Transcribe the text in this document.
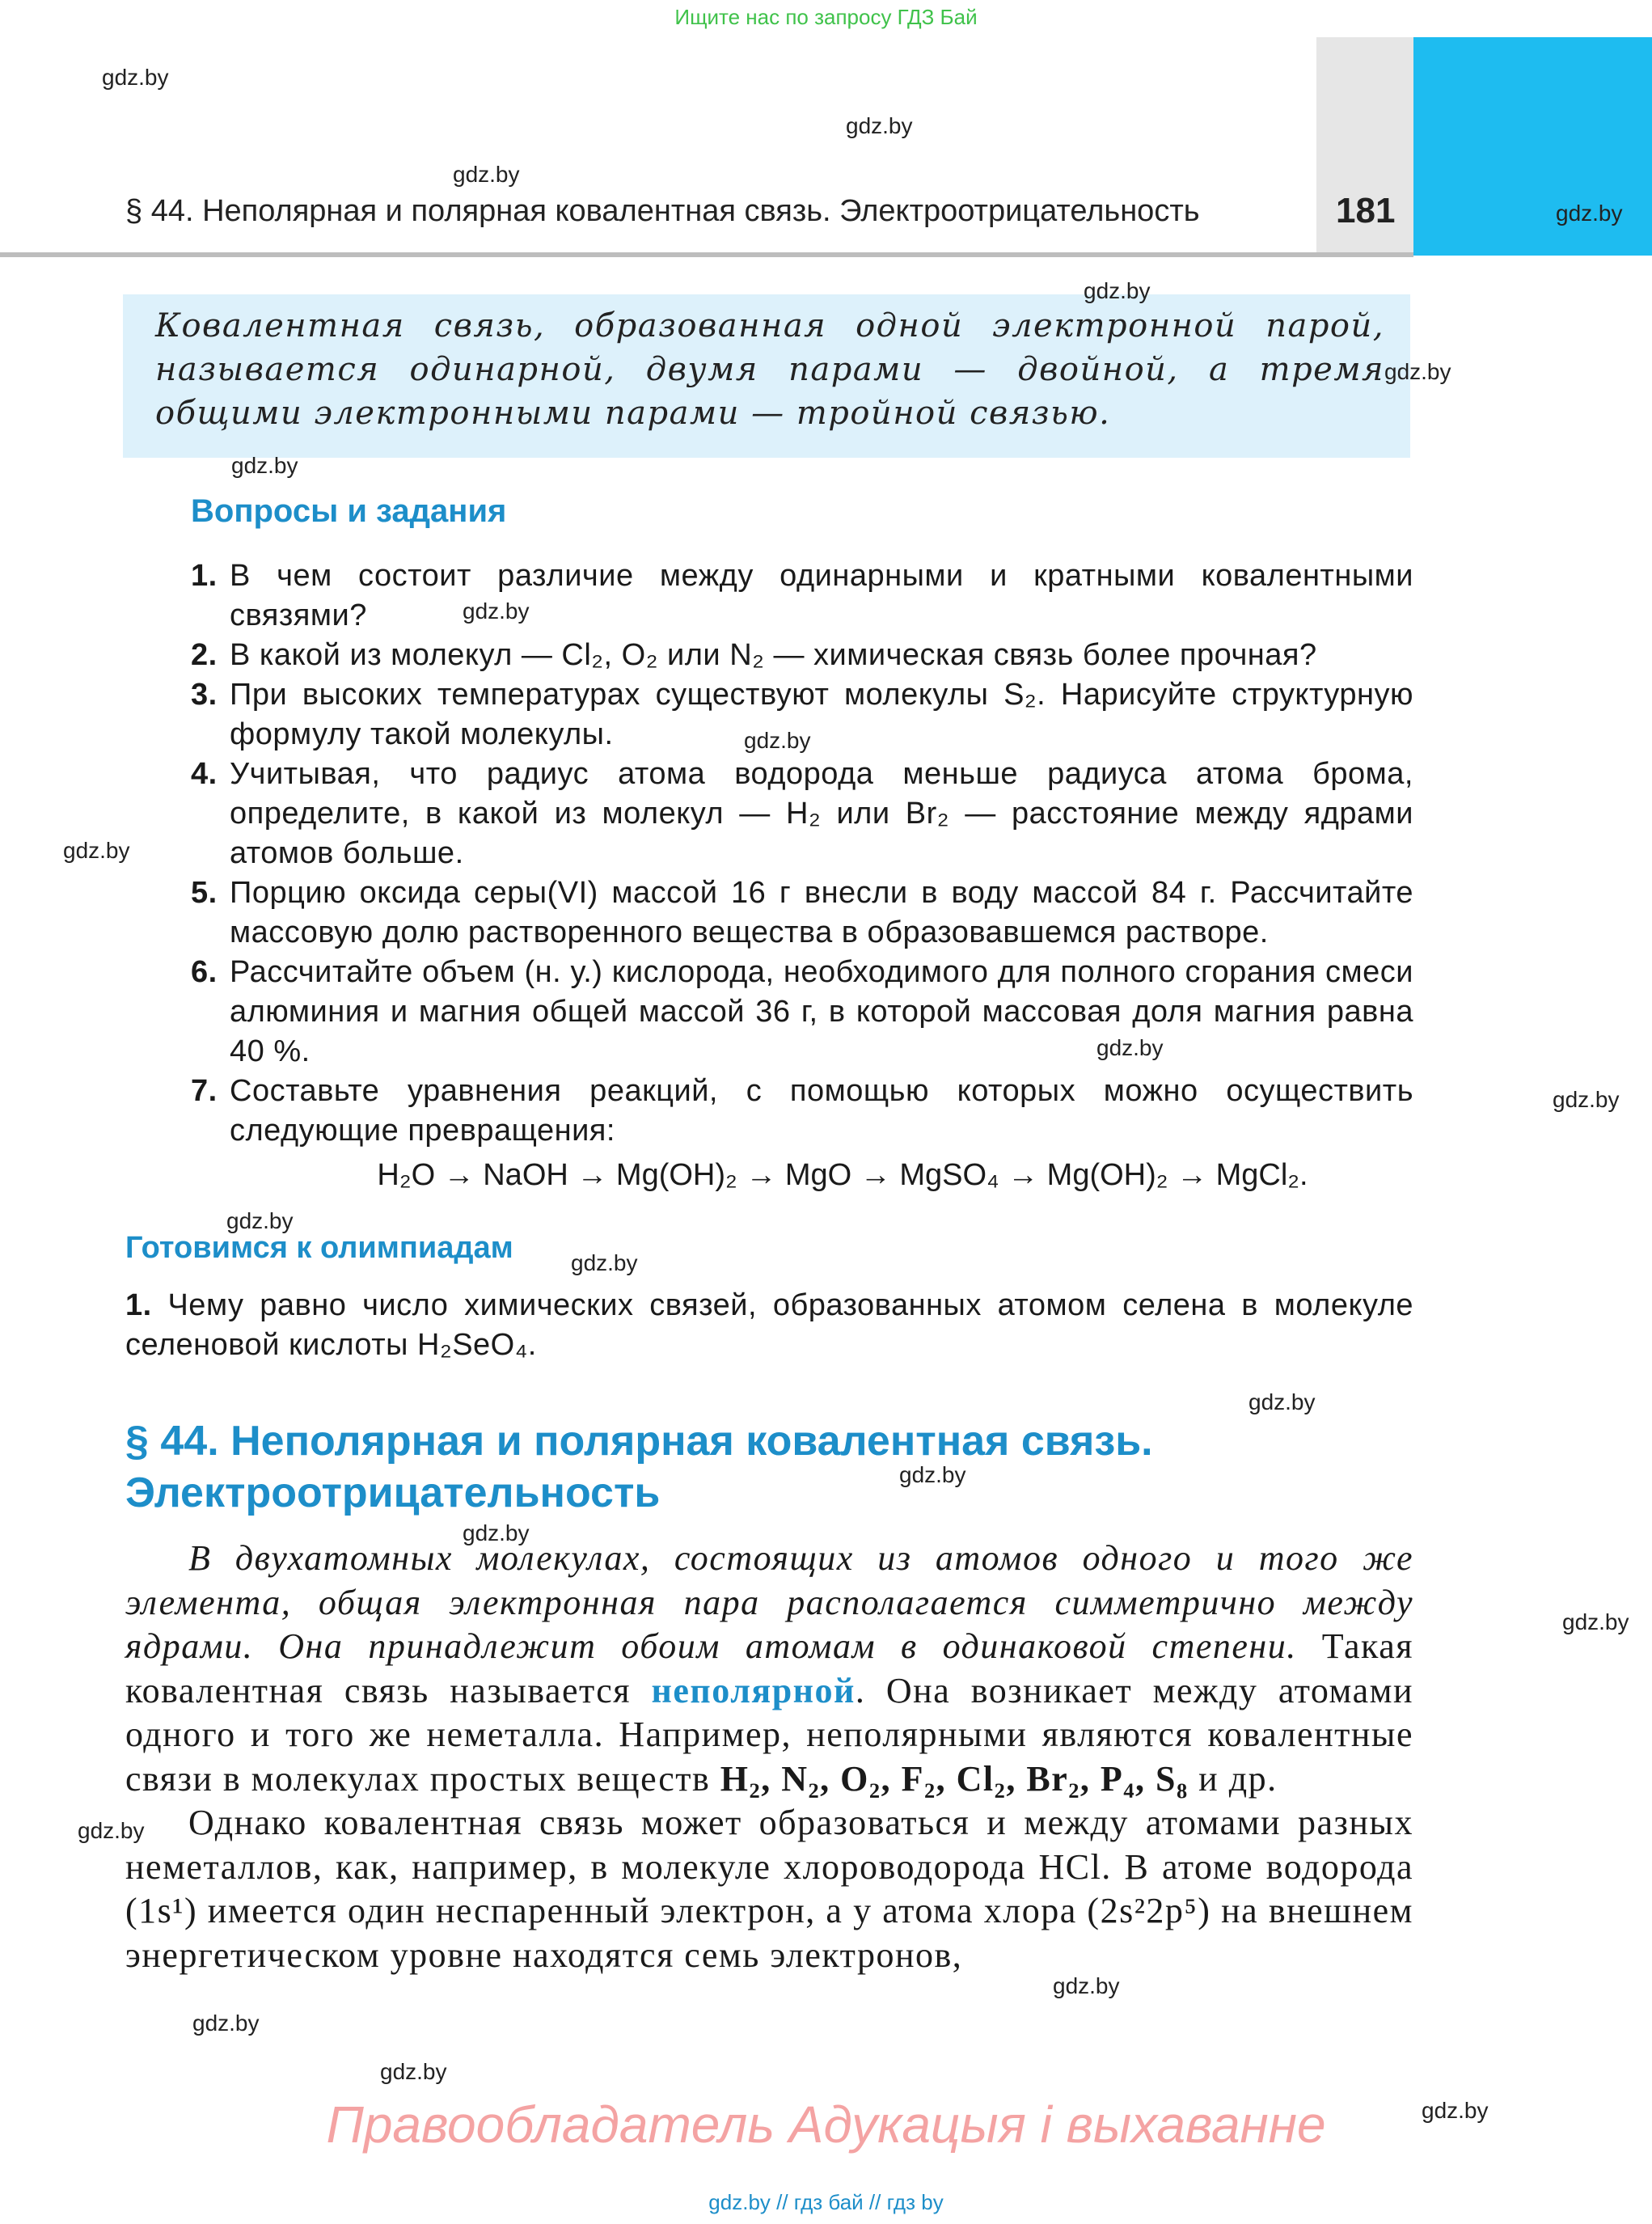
Ищите нас по запросу ГДЗ Бай
§ 44. Неполярная и полярная ковалентная связь. Электроотрицательность	181
Ковалентная связь, образованная одной электронной парой, называется одинарной, двумя парами — двойной, а тремя общими электронными парами — тройной связью.
Вопросы и задания
1. В чем состоит различие между одинарными и кратными ковалентными связями?
2. В какой из молекул — Cl₂, O₂ или N₂ — химическая связь более прочная?
3. При высоких температурах существуют молекулы S₂. Нарисуйте структурную формулу такой молекулы.
4. Учитывая, что радиус атома водорода меньше радиуса атома брома, определите, в какой из молекул — H₂ или Br₂ — расстояние между ядрами атомов больше.
5. Порцию оксида серы(VI) массой 16 г внесли в воду массой 84 г. Рассчитайте массовую долю растворенного вещества в образовавшемся растворе.
6. Рассчитайте объем (н. у.) кислорода, необходимого для полного сгорания смеси алюминия и магния общей массой 36 г, в которой массовая доля магния равна 40 %.
7. Составьте уравнения реакций, с помощью которых можно осуществить следующие превращения:
H₂O → NaOH → Mg(OH)₂ → MgO → MgSO₄ → Mg(OH)₂ → MgCl₂.
Готовимся к олимпиадам
1. Чему равно число химических связей, образованных атомом селена в молекуле селеновой кислоты H₂SeO₄.
§ 44. Неполярная и полярная ковалентная связь.
Электроотрицательность

В двухатомных молекулах, состоящих из атомов одного и того же элемента, общая электронная пара располагается симметрично между ядрами. Она принадлежит обоим атомам в одинаковой степени. Такая ковалентная связь называется неполярной. Она возникает между атомами одного и того же неметалла. Например, неполярными являются ковалентные связи в молекулах простых веществ H₂, N₂, O₂, F₂, Cl₂, Br₂, P₄, S₈ и др.

Однако ковалентная связь может образоваться и между атомами разных неметаллов, как, например, в молекуле хлороводорода HCl. В атоме водорода (1s¹) имеется один неспаренный электрон, а у атома хлора (2s²2p⁵) на внешнем энергетическом уровне находятся семь электронов,

Правообладатель Адукацыя і выхаванне
gdz.by // гдз бай // гдз by
gdz.by
gdz.by
gdz.by
gdz.by
gdz.by
gdz.by
gdz.by
gdz.by
gdz.by
gdz.by
gdz.by
gdz.by
gdz.by
gdz.by
gdz.by
gdz.by
gdz.by
gdz.by
gdz.by
gdz.by
gdz.by
gdz.by
gdz.by
